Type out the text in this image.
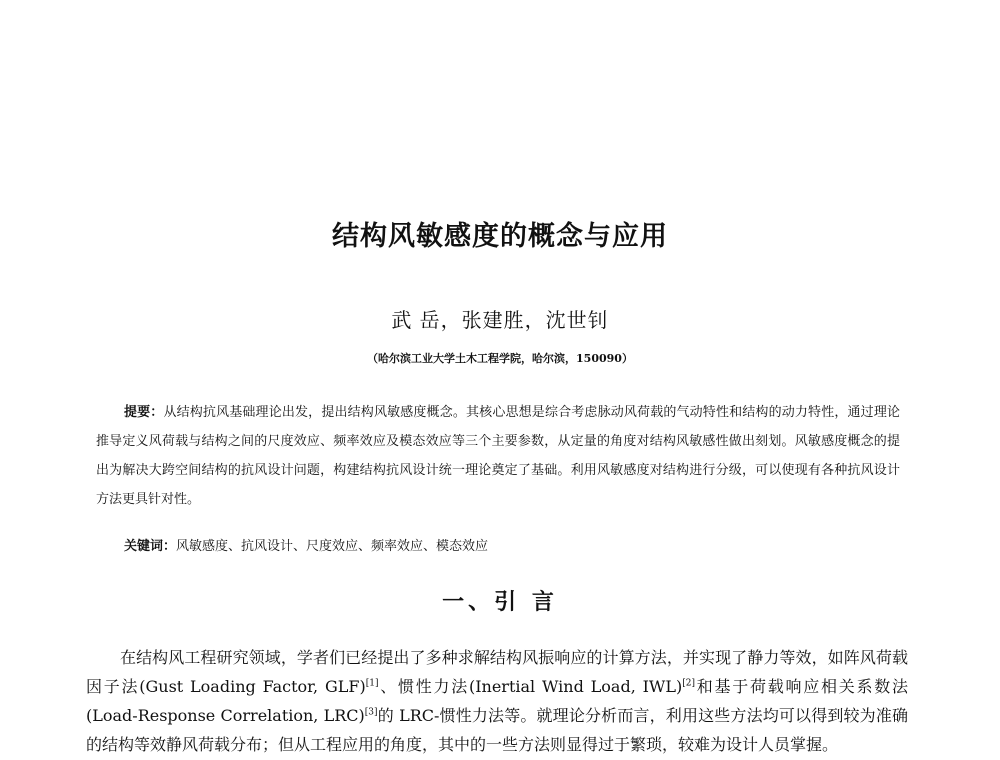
结构风敏感度的概念与应用
武 岳，张建胜，沈世钊
（哈尔滨工业大学土木工程学院，哈尔滨，150090）
提要：从结构抗风基础理论出发，提出结构风敏感度概念。其核心思想是综合考虑脉动风荷载的气动特性和结构的动力特性，通过理论推导定义风荷载与结构之间的尺度效应、频率效应及模态效应等三个主要参数，从定量的角度对结构风敏感性做出刻划。风敏感度概念的提出为解决大跨空间结构的抗风设计问题，构建结构抗风设计统一理论奠定了基础。利用风敏感度对结构进行分级，可以使现有各种抗风设计方法更具针对性。
关键词：风敏感度、抗风设计、尺度效应、频率效应、模态效应
一、引 言
在结构风工程研究领域，学者们已经提出了多种求解结构风振响应的计算方法，并实现了静力等效，如阵风荷载因子法(Gust Loading Factor, GLF)[1]、惯性力法(Inertial Wind Load, IWL)[2]和基于荷载响应相关系数法(Load-Response Correlation, LRC)[3]的 LRC-惯性力法等。就理论分析而言，利用这些方法均可以得到较为准确的结构等效静风荷载分布；但从工程应用的角度，其中的一些方法则显得过于繁琐，较难为设计人员掌握。
